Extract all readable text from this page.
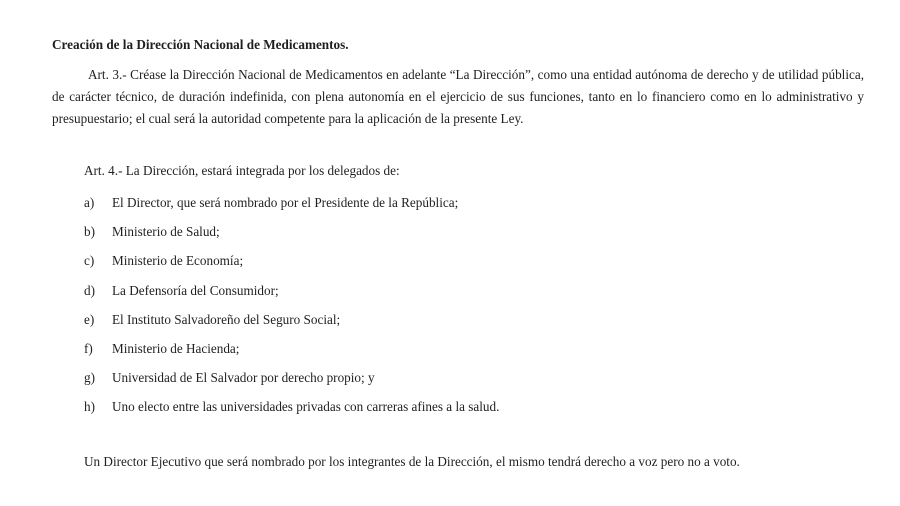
Creación de la Dirección Nacional de Medicamentos.
Art. 3.- Créase la Dirección Nacional de Medicamentos en adelante “La Dirección”, como una entidad autónoma de derecho y de utilidad pública, de carácter técnico, de duración indefinida, con plena autonomía en el ejercicio de sus funciones, tanto en lo financiero como en lo administrativo y presupuestario; el cual será la autoridad competente para la aplicación de la presente Ley.
Art. 4.- La Dirección, estará integrada por los delegados de:
a)	El Director, que será nombrado por el Presidente de la República;
b)	Ministerio de Salud;
c)	Ministerio de Economía;
d)	La Defensoría del Consumidor;
e)	El Instituto Salvadoreño del Seguro Social;
f)	Ministerio de Hacienda;
g)	Universidad de El Salvador por derecho propio; y
h)	Uno electo entre las universidades privadas con carreras afines a la salud.
Un Director Ejecutivo que será nombrado por los integrantes de la Dirección, el mismo tendrá derecho a voz pero no a voto.
